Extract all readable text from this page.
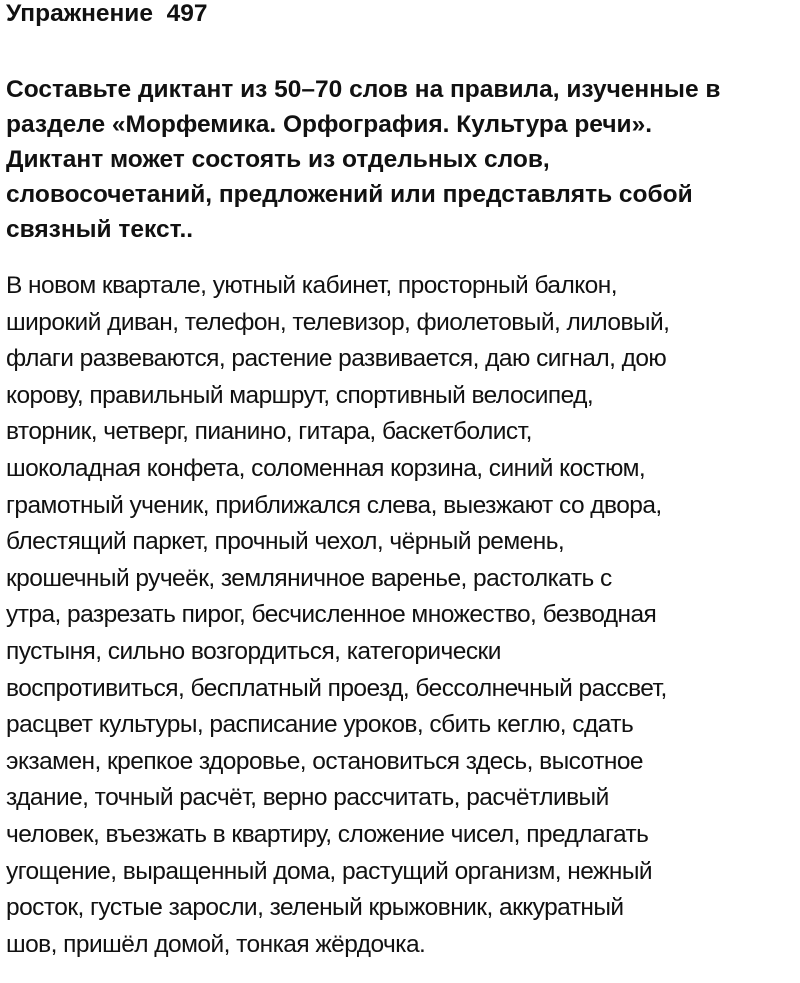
Упражнение  497
Составьте диктант из 50–70 слов на правила, изученные в
разделе «Морфемика. Орфография. Культура речи».
Диктант может состоять из отдельных слов,
словосочетаний, предложений или представлять собой
связный текст..
В новом квартале, уютный кабинет, просторный балкон,
широкий диван, телефон, телевизор, фиолетовый, лиловый,
флаги развеваются, растение развивается, даю сигнал, дою
корову, правильный маршрут, спортивный велосипед,
вторник, четверг, пианино, гитара, баскетболист,
шоколадная конфета, соломенная корзина, синий костюм,
грамотный ученик, приближался слева, выезжают со двора,
блестящий паркет, прочный чехол, чёрный ремень,
крошечный ручеёк, земляничное варенье, растолкать с
утра, разрезать пирог, бесчисленное множество, безводная
пустыня, сильно возгордиться, категорически
воспротивиться, бесплатный проезд, бессолнечный рассвет,
расцвет культуры, расписание уроков, сбить кеглю, сдать
экзамен, крепкое здоровье, остановиться здесь, высотное
здание, точный расчёт, верно рассчитать, расчётливый
человек, въезжать в квартиру, сложение чисел, предлагать
угощение, выращенный дома, растущий организм, нежный
росток, густые заросли, зеленый крыжовник, аккуратный
шов, пришёл домой, тонкая жёрдочка.
